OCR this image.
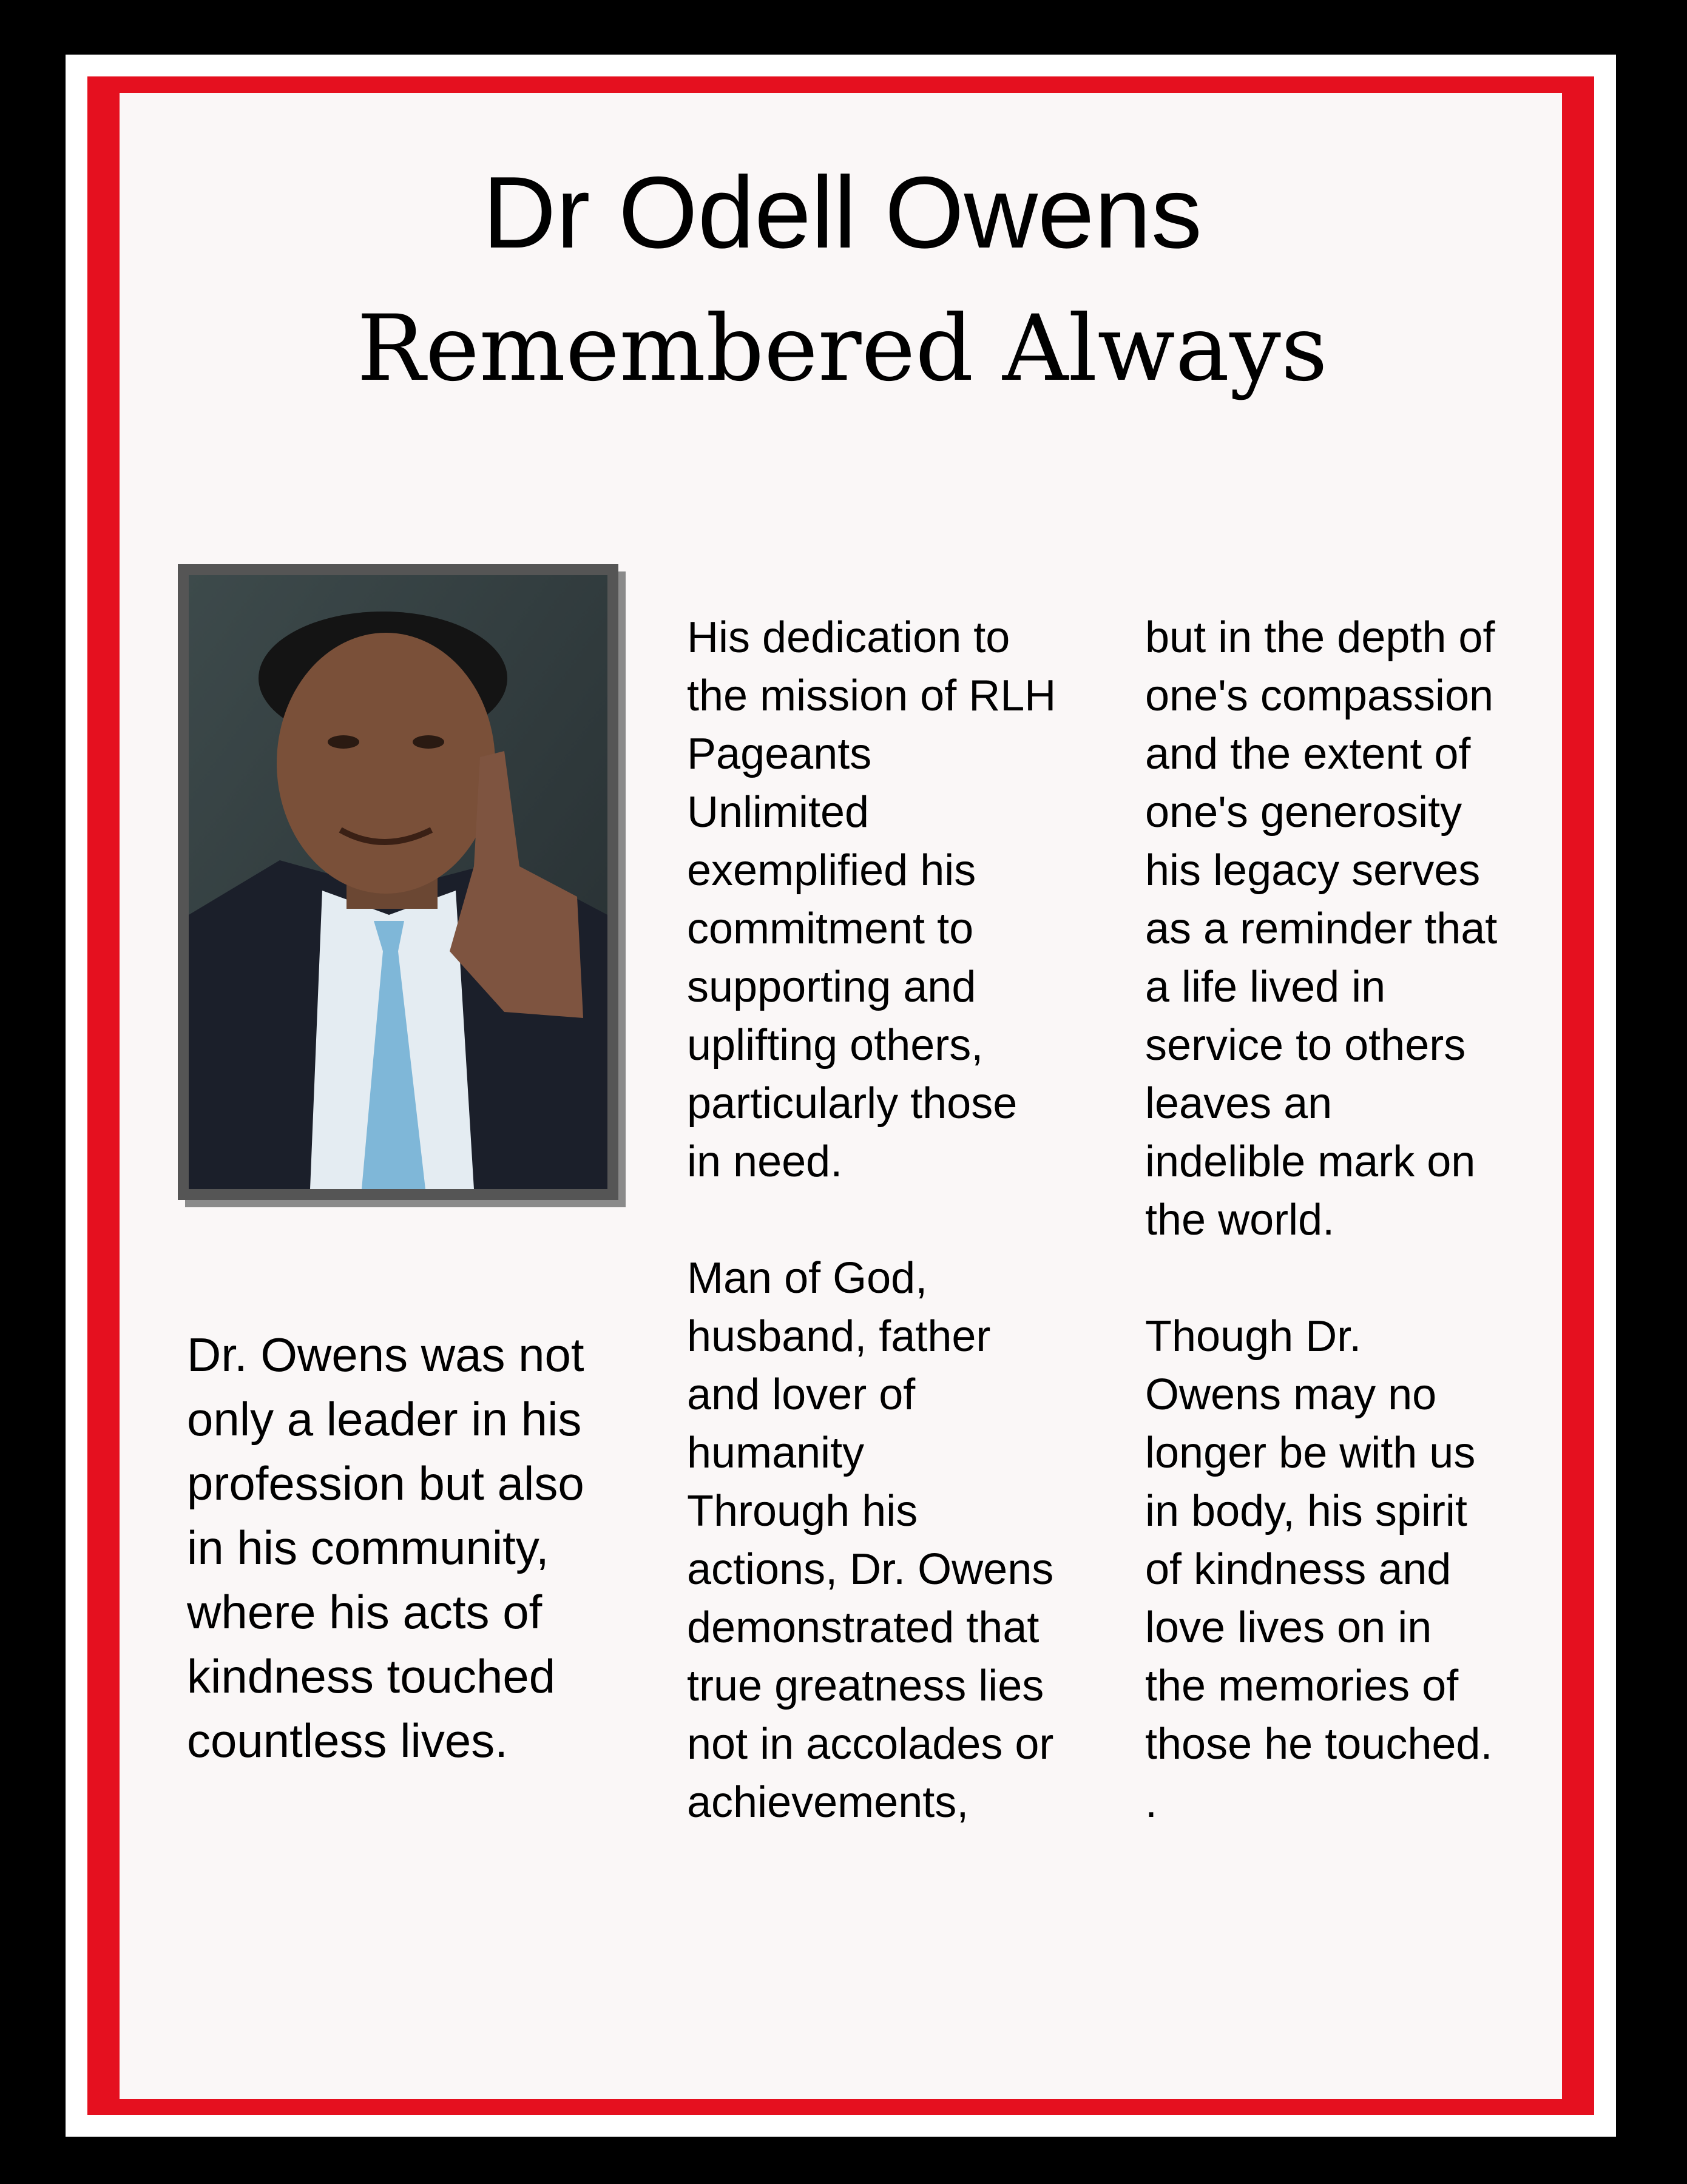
Dr Odell Owens
Remembered Always
Dr. Owens was not
only a leader in his
profession but also
in his community,
where his acts of
kindness touched
countless lives.
His dedication to
the mission of RLH
Pageants
Unlimited
exemplified his
commitment to
supporting and
uplifting others,
particularly those
in need.

Man of God,
husband, father
and lover of
humanity
Through his
actions, Dr. Owens
demonstrated that
true greatness lies
not in accolades or
achievements,
but in the depth of
one's compassion
and the extent of
one's generosity
his legacy serves
as a reminder that
a life lived in
service to others
leaves an
indelible mark on
the world.

Though Dr.
Owens may no
longer be with us
in body, his spirit
of kindness and
love lives on in
the memories of
those he touched.
.
